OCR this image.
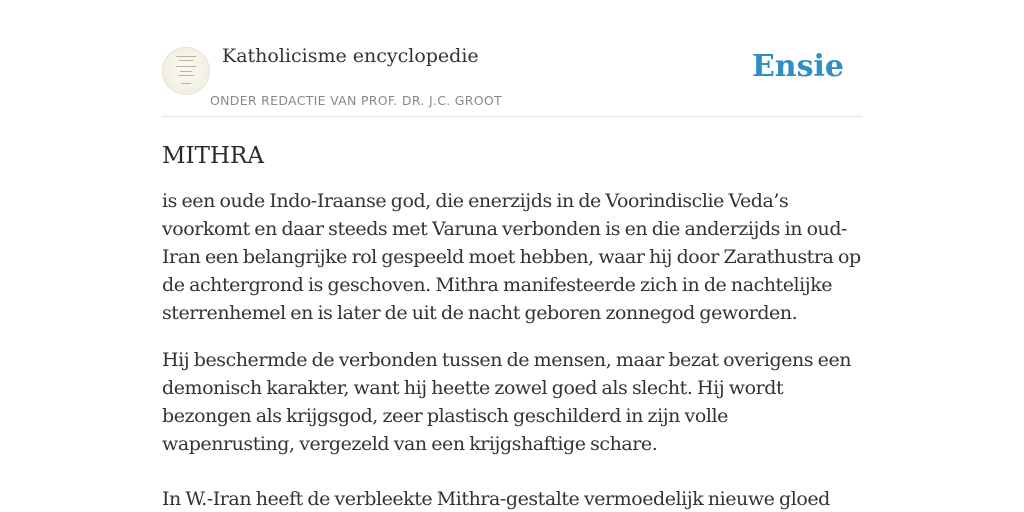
Katholicisme encyclopedie
ONDER REDACTIE VAN PROF. DR. J.C. GROOT
Ensie
MITHRA

is een oude Indo-Iraanse god, die enerzijds in de Voorindisclie Veda’s voorkomt en daar steeds met Varuna verbonden is en die anderzijds in oud-Iran een belangrijke rol gespeeld moet hebben, waar hij door Zarathustra op de achtergrond is geschoven. Mithra manifesteerde zich in de nachtelijke sterrenhemel en is later de uit de nacht geboren zonnegod geworden.

Hij beschermde de verbonden tussen de mensen, maar bezat overigens een demonisch karakter, want hij heette zowel goed als slecht. Hij wordt bezongen als krijgsgod, zeer plastisch geschilderd in zijn volle wapenrusting, vergezeld van een krijgshaftige schare.

In W.-Iran heeft de verbleekte Mithra-gestalte vermoedelijk nieuwe gloed
